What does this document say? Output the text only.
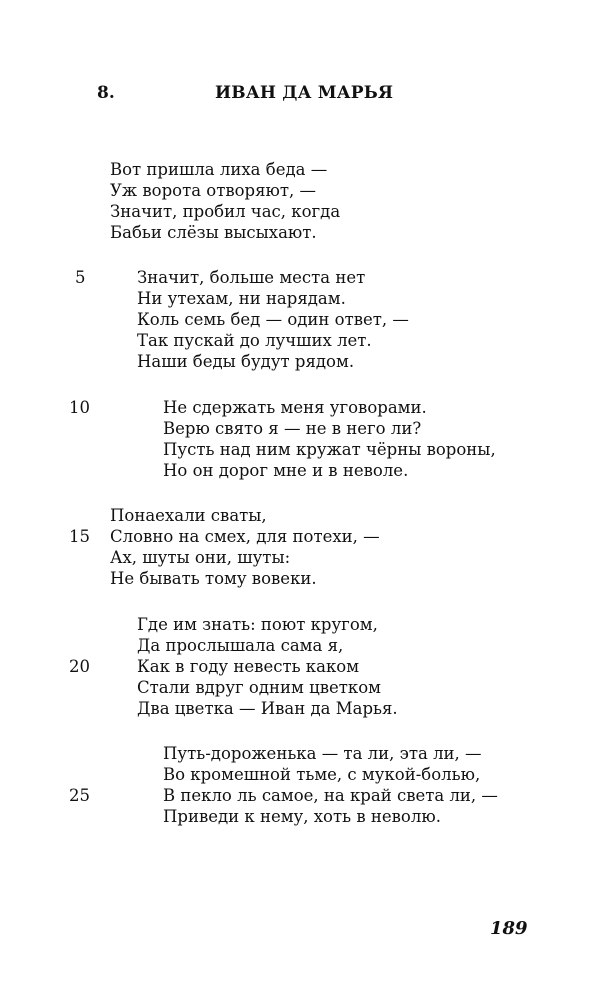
8.	ИВАН ДА МАРЬЯ
Вот пришла лиха беда —
Уж ворота отворяют, —
Значит, пробил час, когда
Бабьи слёзы высыхают.
5	Значит, больше места нет
Ни утехам, ни нарядам.
Коль семь бед — один ответ, —
Так пускай до лучших лет.
Наши беды будут рядом.
10	Не сдержать меня уговорами.
Верю свято я — не в него ли?
Пусть над ним кружат чёрны вороны,
Но он дорог мне и в неволе.
Понаехали сваты,
15 Словно на смех, для потехи, —
Ах, шуты они, шуты:
Не бывать тому вовеки.
Где им знать: поют кругом,
Да прослышала сама я,
20	Как в году невесть каком
Стали вдруг одним цветком
Два цветка — Иван да Марья.
Путь-дороженька — та ли, эта ли, —
Во кромешной тьме, с мукой-болью,
25	В пекло ль самое, на край света ли, —
Приведи к нему, хоть в неволю.
189
